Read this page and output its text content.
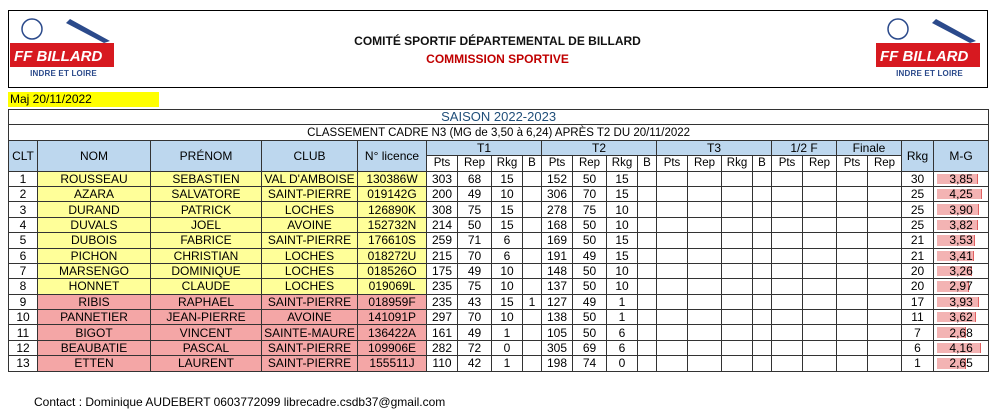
FF BILLARD
INDRE ET LOIRE
FF BILLARD
INDRE ET LOIRE
COMITÉ SPORTIF DÉPARTEMENTAL DE BILLARD
COMMISSION SPORTIVE
Maj 20/11/2022
SAISON 2022-2023																						
CLASSEMENT CADRE N3 (MG de 3,50 à 6,24) APRÈS T2 DU 20/11/2022																						
CLT	NOM	PRÉNOM	CLUB	N° licence	T1				T2				T3				1/2 F		Finale		Rkg	M-G
					Pts	Rep	Rkg	B	Pts	Rep	Rkg	B	Pts	Rep	Rkg	B	Pts	Rep	Pts	Rep		
1	ROUSSEAU	SEBASTIEN	VAL D'AMBOISE	130386W	303	68	15		152	50	15										30	3,85
2	AZARA	SALVATORE	SAINT-PIERRE	019142G	200	49	10		306	70	15										25	4,25
3	DURAND	PATRICK	LOCHES	126890K	308	75	15		278	75	10										25	3,90
4	DUVALS	JOEL	AVOINE	152732N	214	50	15		168	50	10										25	3,82
5	DUBOIS	FABRICE	SAINT-PIERRE	176610S	259	71	6		169	50	15										21	3,53
6	PICHON	CHRISTIAN	LOCHES	018272U	215	70	6		191	49	15										21	3,41
7	MARSENGO	DOMINIQUE	LOCHES	018526O	175	49	10		148	50	10										20	3,26
8	HONNET	CLAUDE	LOCHES	019069L	235	75	10		137	50	10										20	2,97
9	RIBIS	RAPHAEL	SAINT-PIERRE	018959F	235	43	15	1	127	49	1										17	3,93
10	PANNETIER	JEAN-PIERRE	AVOINE	141091P	297	70	10		138	50	1										11	3,62
11	BIGOT	VINCENT	SAINTE-MAURE	136422A	161	49	1		105	50	6										7	2,68
12	BEAUBATIE	PASCAL	SAINT-PIERRE	109906E	282	72	0		305	69	6										6	4,16
13	ETTEN	LAURENT	SAINT-PIERRE	155511J	110	42	1		198	74	0										1	2,65
Contact : Dominique AUDEBERT 0603772099 librecadre.csdb37@gmail.com
